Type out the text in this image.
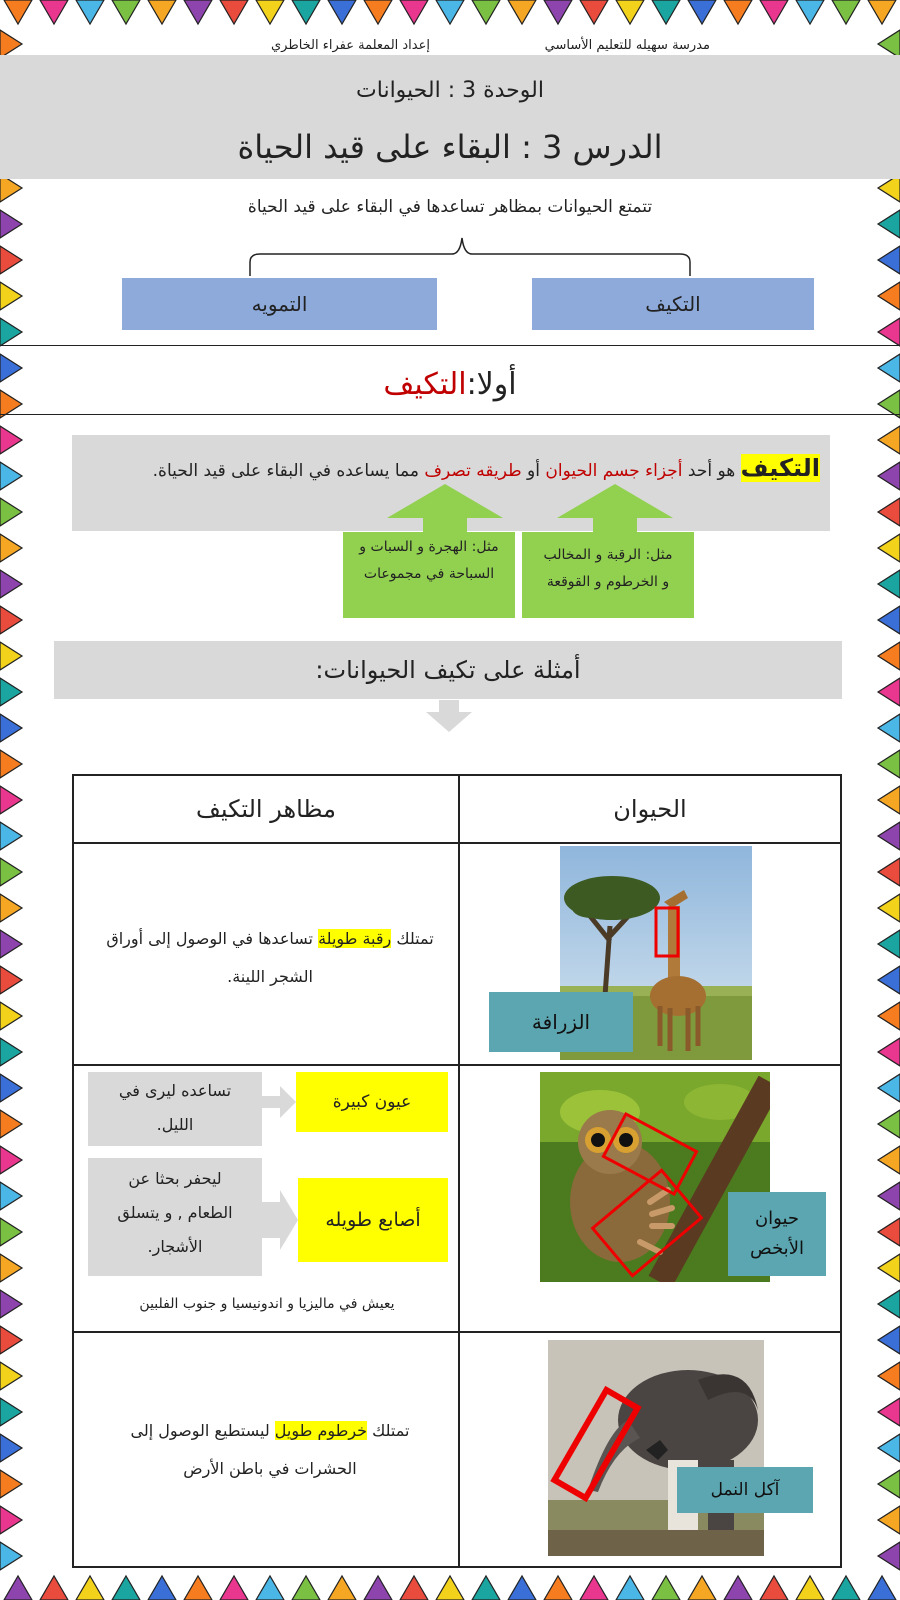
مدرسة سهيله للتعليم الأساسي
إعداد المعلمة عفراء الخاطري
الوحدة 3 : الحيوانات
الدرس 3 : البقاء على قيد الحياة
تتمتع الحيوانات بمظاهر تساعدها في البقاء على قيد الحياة
التكيف
التمويه
أولا:
التكيف
التكيف هو أحد أجزاء جسم الحيوان أو طريقه تصرف مما يساعده في البقاء على قيد الحياة.
مثل: الرقبة و المخالب و الخرطوم و القوقعة
مثل: الهجرة و السبات و السباحة في مجموعات
أمثلة على تكيف الحيوانات:
الحيوان
مظاهر التكيف
الزرافة
تمتلك رقبة طويلة تساعدها في الوصول إلى أوراق الشجر اللينة.
حيوان الأبخص
عيون كبيرة
تساعده ليرى في الليل.
أصابع طويله
ليحفر بحثا عن الطعام , و يتسلق الأشجار.
يعيش في ماليزيا و اندونيسيا و جنوب الفلبين
آكل النمل
تمتلك خرطوم طويل ليستطيع الوصول إلى الحشرات في باطن الأرض
